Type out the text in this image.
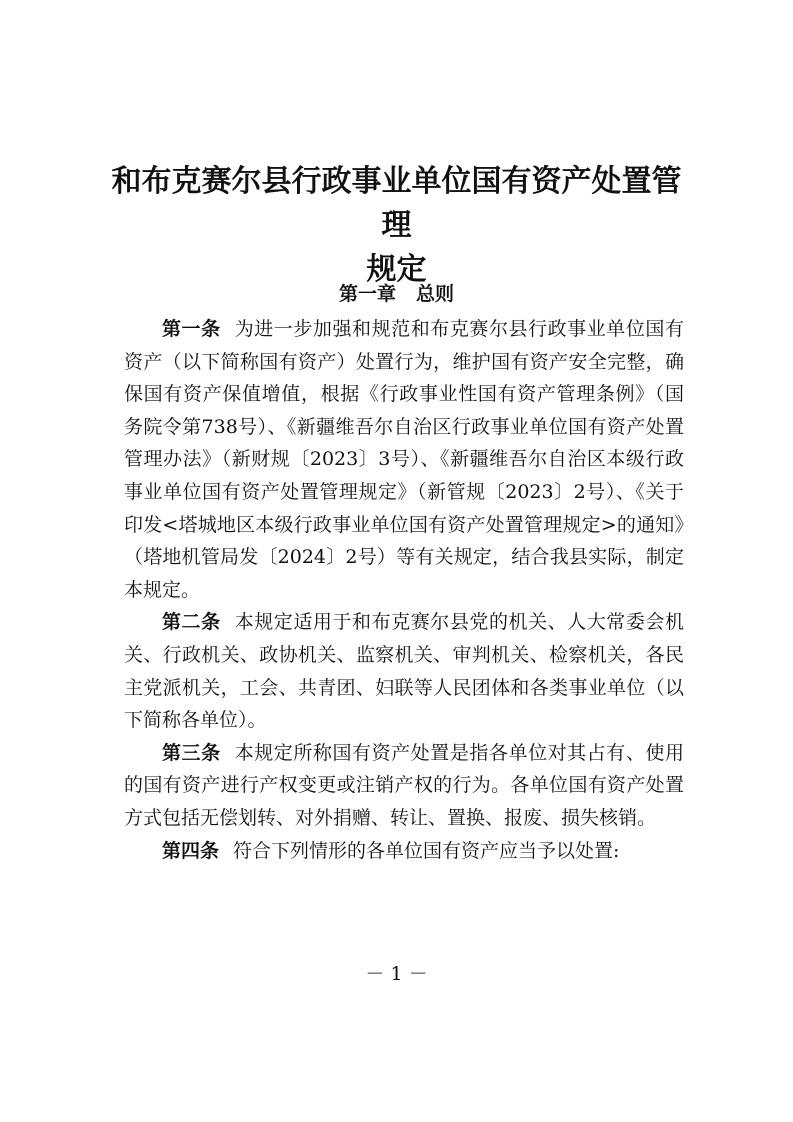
和布克赛尔县行政事业单位国有资产处置管理
规定
第一章 总则

第一条 为进一步加强和规范和布克赛尔县行政事业单位国有资产（以下简称国有资产）处置行为，维护国有资产安全完整，确保国有资产保值增值，根据《行政事业性国有资产管理条例》（国务院令第738号）、《新疆维吾尔自治区行政事业单位国有资产处置管理办法》（新财规〔2023〕3号）、《新疆维吾尔自治区本级行政事业单位国有资产处置管理规定》（新管规〔2023〕2号）、《关于印发<塔城地区本级行政事业单位国有资产处置管理规定>的通知》（塔地机管局发〔2024〕2号）等有关规定，结合我县实际，制定本规定。

第二条 本规定适用于和布克赛尔县党的机关、人大常委会机关、行政机关、政协机关、监察机关、审判机关、检察机关，各民主党派机关，工会、共青团、妇联等人民团体和各类事业单位（以下简称各单位）。

第三条 本规定所称国有资产处置是指各单位对其占有、使用的国有资产进行产权变更或注销产权的行为。各单位国有资产处置方式包括无偿划转、对外捐赠、转让、置换、报废、损失核销。

第四条 符合下列情形的各单位国有资产应当予以处置:

－ 1 －
